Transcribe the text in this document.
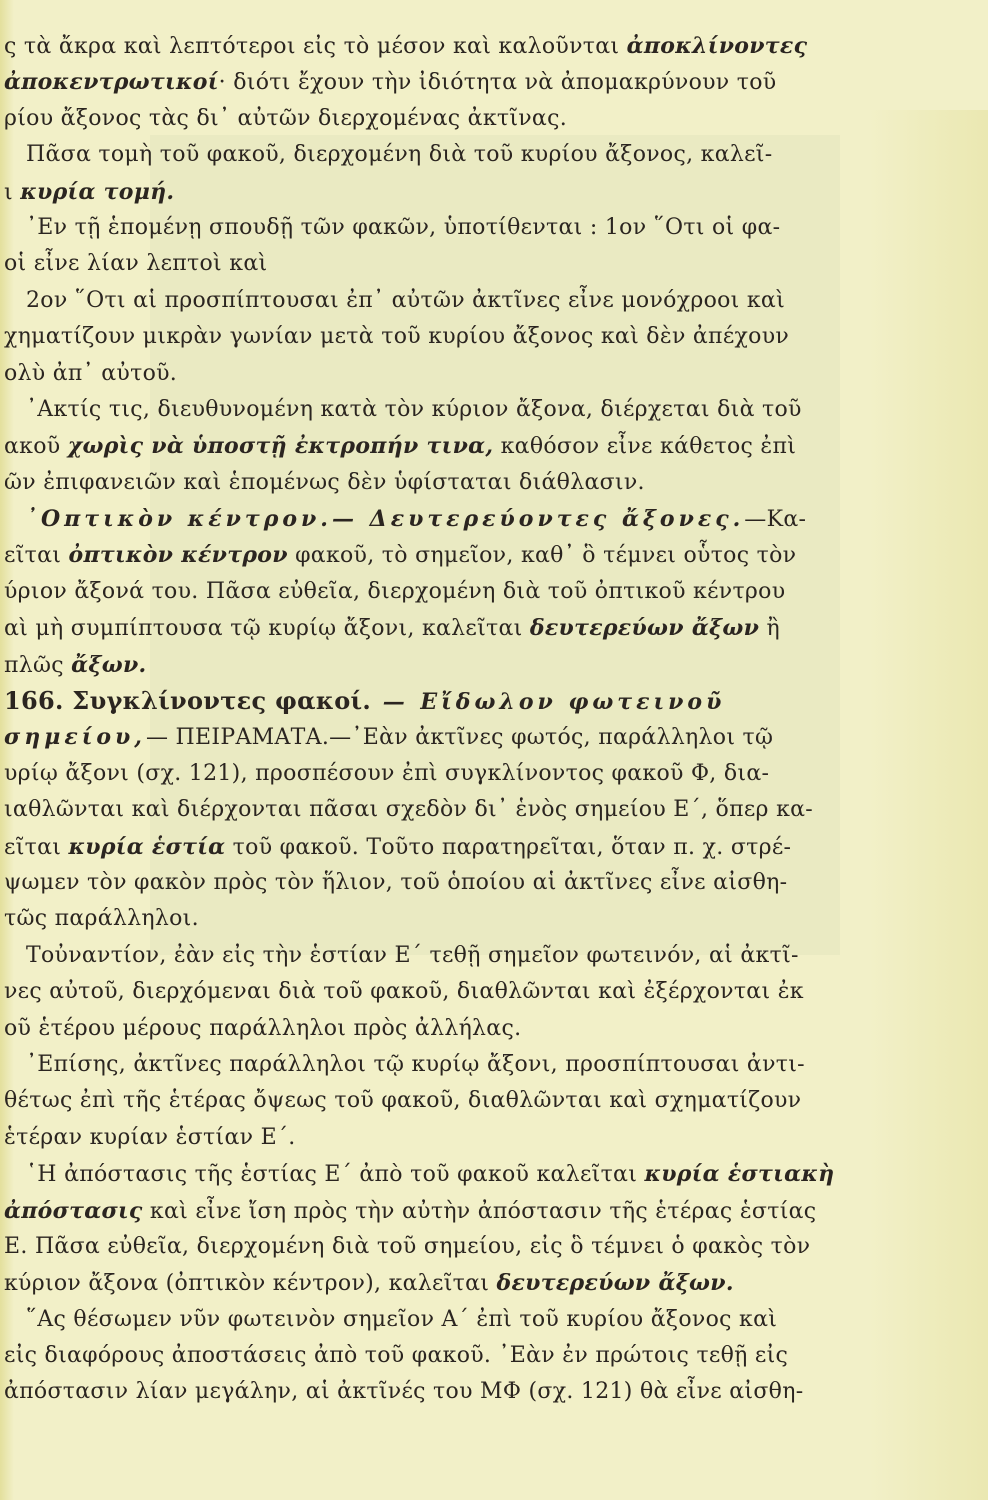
ς τὰ ἄκρα καὶ λεπτότεροι εἰς τὸ μέσον καὶ καλοῦνται ἀποκλίνοντες
ἀποκεντρωτικοί· διότι ἔχουν τὴν ἰδιότητα νὰ ἀπομακρύνουν τοῦ
ρίου ἄξονος τὰς δι᾿ αὐτῶν διερχομένας ἀκτῖνας.
Πᾶσα τομὴ τοῦ φακοῦ, διερχομένη διὰ τοῦ κυρίου ἄξονος, καλεῖ-
ι κυρία τομή.
᾿Εν τῇ ἑπομένῃ σπουδῇ τῶν φακῶν, ὑποτίθενται : 1ον ῞Οτι οἱ φα-
οἱ εἶνε λίαν λεπτοὶ καὶ
2ον ῞Οτι αἱ προσπίπτουσαι ἐπ᾿ αὐτῶν ἀκτῖνες εἶνε μονόχροοι καὶ
χηματίζουν μικρὰν γωνίαν μετὰ τοῦ κυρίου ἄξονος καὶ δὲν ἀπέχουν
ολὺ ἀπ᾿ αὐτοῦ.
᾿Ακτίς τις, διευθυνομένη κατὰ τὸν κύριον ἄξονα, διέρχεται διὰ τοῦ
ακοῦ χωρὶς νὰ ὑποστῇ ἐκτροπήν τινα, καθόσον εἶνε κάθετος ἐπὶ
ῶν ἐπιφανειῶν καὶ ἑπομένως δὲν ὑφίσταται διάθλασιν.
᾿Οπτικὸν κέντρον.— Δευτερεύοντες ἄξονες.—Κα-
εῖται ὀπτικὸν κέντρον φακοῦ, τὸ σημεῖον, καθ᾿ ὃ τέμνει οὗτος τὸν
ύριον ἄξονά του. Πᾶσα εὐθεῖα, διερχομένη διὰ τοῦ ὀπτικοῦ κέντρου
αὶ μὴ συμπίπτουσα τῷ κυρίῳ ἄξονι, καλεῖται δευτερεύων ἄξων ἢ
πλῶς ἄξων.
166. Συγκλίνοντες φακοί. — Εἴδωλον φωτεινοῦ
σημείου,— ΠΕΙΡΑΜΑΤΑ.—᾿Εὰν ἀκτῖνες φωτός, παράλληλοι τῷ
υρίῳ ἄξονι (σχ. 121), προσπέσουν ἐπὶ συγκλίνοντος φακοῦ Φ, δια-
ιαθλῶνται καὶ διέρχονται πᾶσαι σχεδὸν δι᾿ ἑνὸς σημείου Ε΄, ὅπερ κα-
εῖται κυρία ἑστία τοῦ φακοῦ. Τοῦτο παρατηρεῖται, ὅταν π. χ. στρέ-
ψωμεν τὸν φακὸν πρὸς τὸν ἥλιον, τοῦ ὁποίου αἱ ἀκτῖνες εἶνε αἰσθη-
τῶς παράλληλοι.
Τοὐναντίον, ἐὰν εἰς τὴν ἑστίαν Ε΄ τεθῇ σημεῖον φωτεινόν, αἱ ἀκτῖ-
νες αὐτοῦ, διερχόμεναι διὰ τοῦ φακοῦ, διαθλῶνται καὶ ἐξέρχονται ἐκ
οῦ ἑτέρου μέρους παράλληλοι πρὸς ἀλλήλας.
᾿Επίσης, ἀκτῖνες παράλληλοι τῷ κυρίῳ ἄξονι, προσπίπτουσαι ἀντι-
θέτως ἐπὶ τῆς ἑτέρας ὄψεως τοῦ φακοῦ, διαθλῶνται καὶ σχηματίζουν
ἑτέραν κυρίαν ἑστίαν Ε΄.
῾Η ἀπόστασις τῆς ἑστίας Ε΄ ἀπὸ τοῦ φακοῦ καλεῖται κυρία ἑστιακὴ
ἀπόστασις καὶ εἶνε ἴση πρὸς τὴν αὐτὴν ἀπόστασιν τῆς ἑτέρας ἑστίας
Ε. Πᾶσα εὐθεῖα, διερχομένη διὰ τοῦ σημείου, εἰς ὃ τέμνει ὁ φακὸς τὸν
κύριον ἄξονα (ὀπτικὸν κέντρον), καλεῖται δευτερεύων ἄξων.
῞Ας θέσωμεν νῦν φωτεινὸν σημεῖον Α΄ ἐπὶ τοῦ κυρίου ἄξονος καὶ
εἰς διαφόρους ἀποστάσεις ἀπὸ τοῦ φακοῦ. ᾿Εὰν ἐν πρώτοις τεθῇ εἰς
ἀπόστασιν λίαν μεγάλην, αἱ ἀκτῖνές του ΜΦ (σχ. 121) θὰ εἶνε αἰσθη-
